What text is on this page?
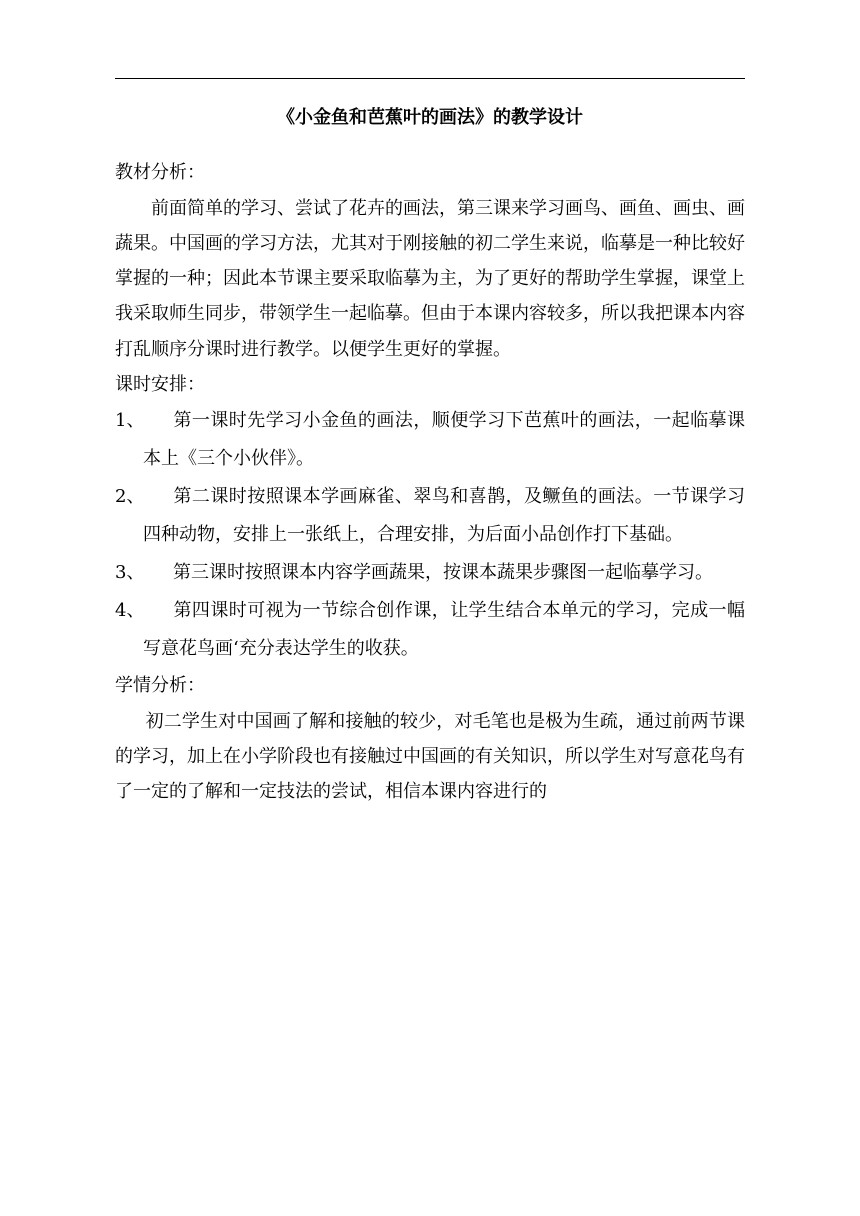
《小金鱼和芭蕉叶的画法》的教学设计
教材分析：
前面简单的学习、尝试了花卉的画法，第三课来学习画鸟、画鱼、画虫、画蔬果。中国画的学习方法，尤其对于刚接触的初二学生来说，临摹是一种比较好掌握的一种；因此本节课主要采取临摹为主，为了更好的帮助学生掌握，课堂上我采取师生同步，带领学生一起临摹。但由于本课内容较多，所以我把课本内容打乱顺序分课时进行教学。以便学生更好的掌握。
课时安排：
1、 第一课时先学习小金鱼的画法，顺便学习下芭蕉叶的画法，一起临摹课本上《三个小伙伴》。
2、 第二课时按照课本学画麻雀、翠鸟和喜鹊，及鳜鱼的画法。一节课学习四种动物，安排上一张纸上，合理安排，为后面小品创作打下基础。
3、 第三课时按照课本内容学画蔬果，按课本蔬果步骤图一起临摹学习。
4、 第四课时可视为一节综合创作课，让学生结合本单元的学习，完成一幅写意花鸟画‘充分表达学生的收获。
学情分析：
初二学生对中国画了解和接触的较少，对毛笔也是极为生疏，通过前两节课的学习，加上在小学阶段也有接触过中国画的有关知识，所以学生对写意花鸟有了一定的了解和一定技法的尝试，相信本课内容进行的
